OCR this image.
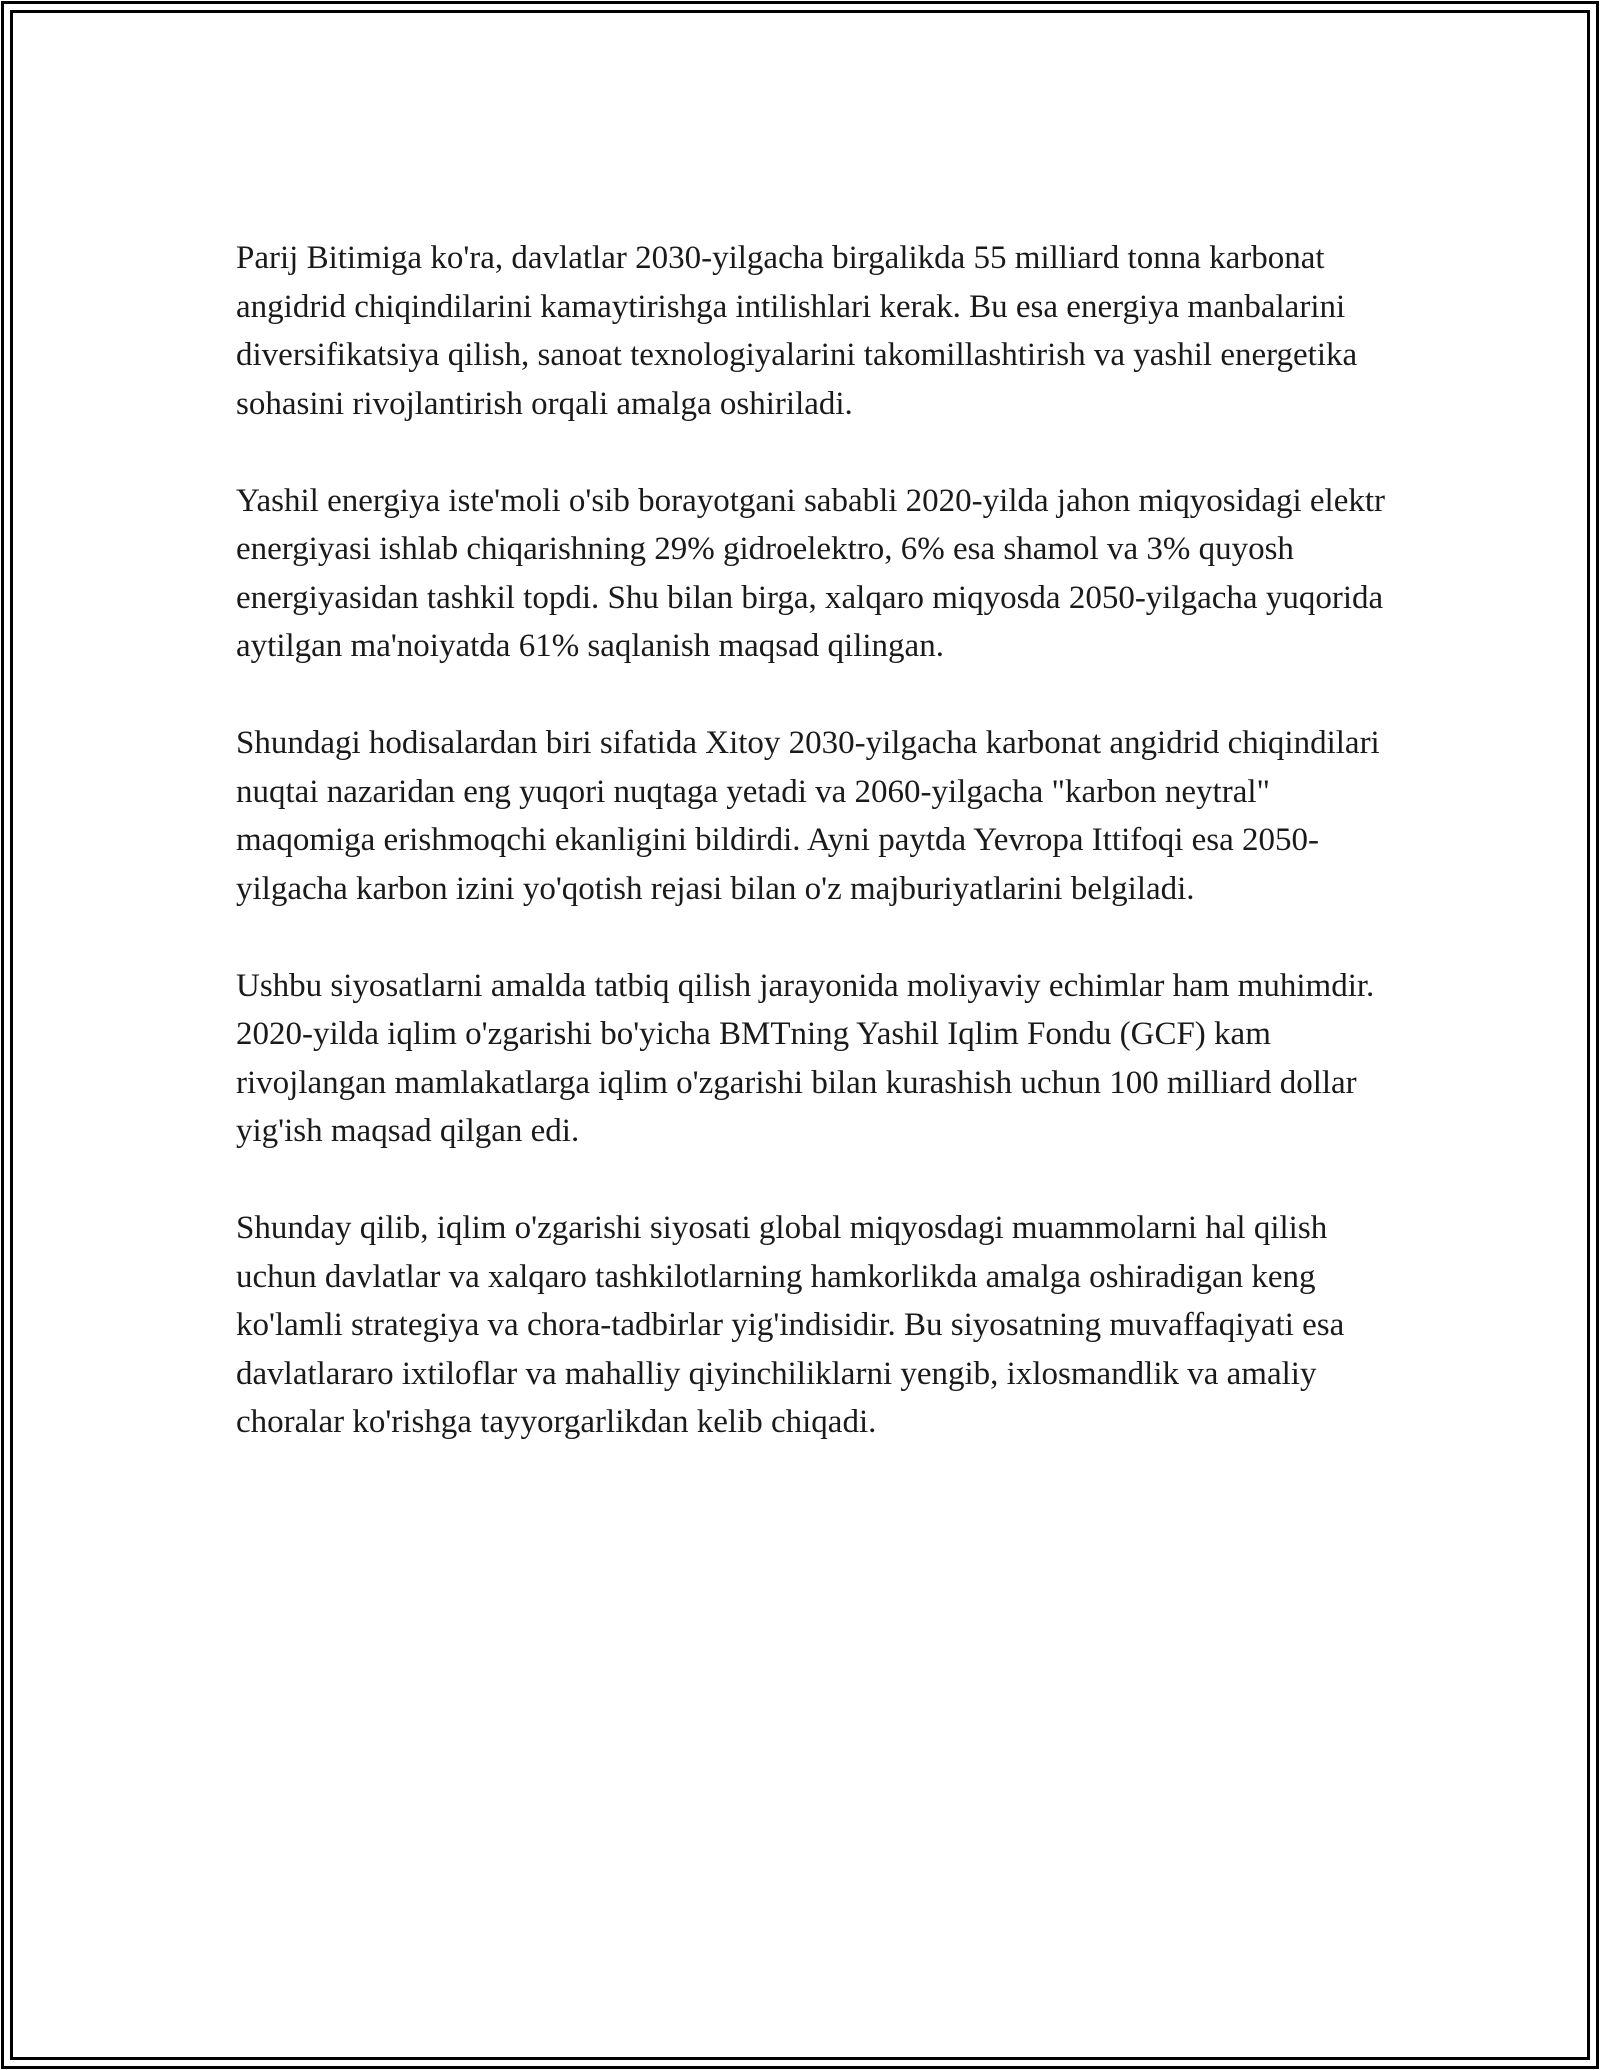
Parij Bitimiga ko'ra, davlatlar 2030-yilgacha birgalikda 55 milliard tonna karbonat angidrid chiqindilarini kamaytirishga intilishlari kerak. Bu esa energiya manbalarini diversifikatsiya qilish, sanoat texnologiyalarini takomillashtirish va yashil energetika sohasini rivojlantirish orqali amalga oshiriladi.

Yashil energiya iste'moli o'sib borayotgani sababli 2020-yilda jahon miqyosidagi elektr energiyasi ishlab chiqarishning 29% gidroelektro, 6% esa shamol va 3% quyosh energiyasidan tashkil topdi. Shu bilan birga, xalqaro miqyosda 2050-yilgacha yuqorida aytilgan ma'noiyatda 61% saqlanish maqsad qilingan.

Shundagi hodisalardan biri sifatida Xitoy 2030-yilgacha karbonat angidrid chiqindilari nuqtai nazaridan eng yuqori nuqtaga yetadi va 2060-yilgacha "karbon neytral" maqomiga erishmoqchi ekanligini bildirdi. Ayni paytda Yevropa Ittifoqi esa 2050-yilgacha karbon izini yo'qotish rejasi bilan o'z majburiyatlarini belgiladi.

Ushbu siyosatlarni amalda tatbiq qilish jarayonida moliyaviy echimlar ham muhimdir. 2020-yilda iqlim o'zgarishi bo'yicha BMTning Yashil Iqlim Fondu (GCF) kam rivojlangan mamlakatlarga iqlim o'zgarishi bilan kurashish uchun 100 milliard dollar yig'ish maqsad qilgan edi.

Shunday qilib, iqlim o'zgarishi siyosati global miqyosdagi muammolarni hal qilish uchun davlatlar va xalqaro tashkilotlarning hamkorlikda amalga oshiradigan keng ko'lamli strategiya va chora-tadbirlar yig'indisidir. Bu siyosatning muvaffaqiyati esa davlatlararo ixtiloflar va mahalliy qiyinchiliklarni yengib, ixlosmandlik va amaliy choralar ko'rishga tayyorgarlikdan kelib chiqadi.
